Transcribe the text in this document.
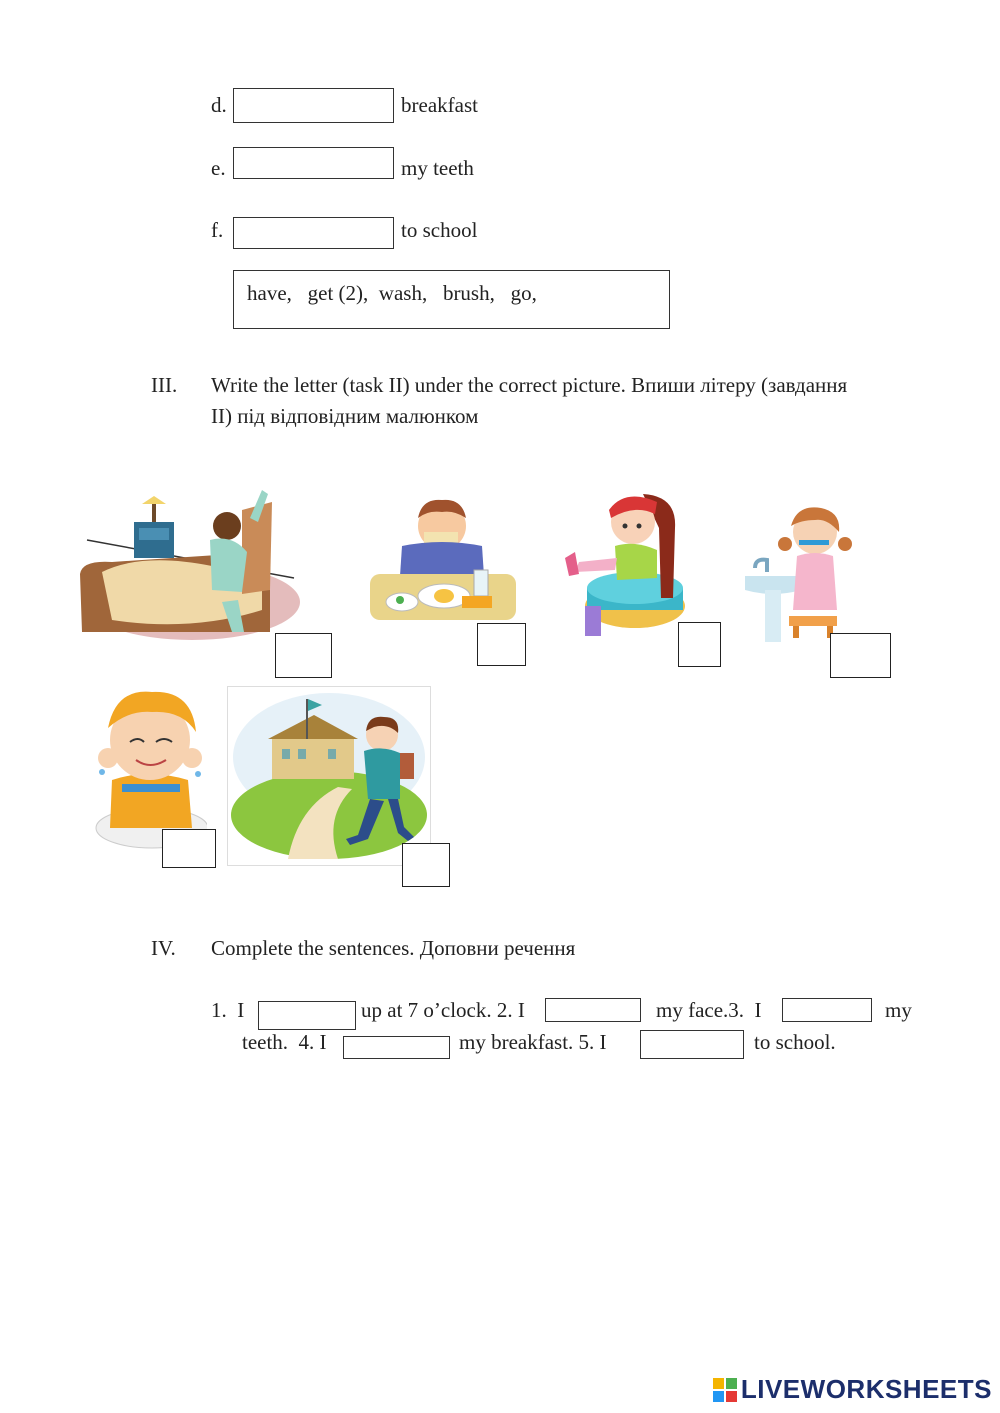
d.	breakfast
e.	my teeth
f.	to school
have,   get (2),  wash,   brush,   go,
III. Write the letter (task II) under the correct picture. Впиши літеру (завдання
II) під відповідним малюнком
IV. Complete the sentences. Доповни речення
1.  I	up at 7 o’clock. 2. I	my face.3.  I	my
teeth.  4. I	my breakfast. 5. I	to school.
LIVEWORKSHEETS
